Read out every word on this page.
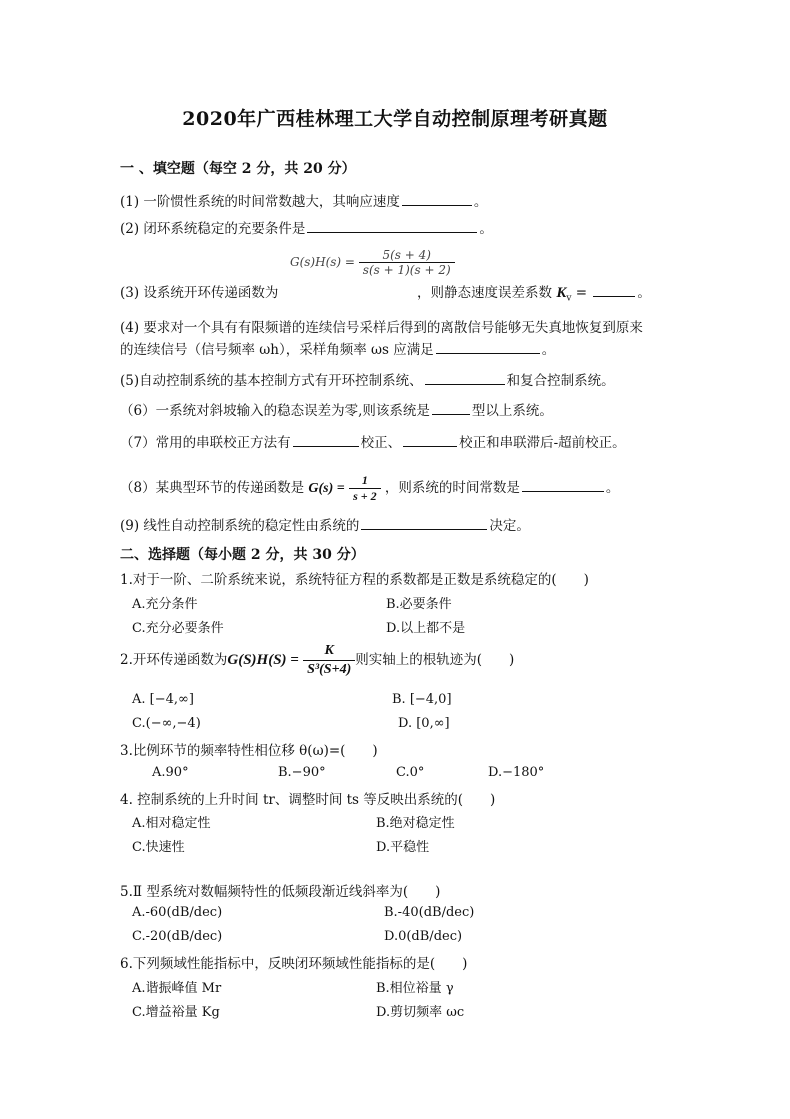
2020年广西桂林理工大学自动控制原理考研真题
一 、填空题（每空 2 分，共 20 分）
(1) 一阶惯性系统的时间常数越大，其响应速度	。
(2) 闭环系统稳定的充要条件是	。
$G(s)H(s) = \frac{5(s + 4)}{s(s + 1)(s + 2)}$
(3) 设系统开环传递函数为	，则静态速度误差系数 $K_v$ =	。
(4) 要求对一个具有有限频谱的连续信号采样后得到的离散信号能够无失真地恢复到原来
的连续信号（信号频率 ωh），采样角频率 ωs 应满足	。
(5)自动控制系统的基本控制方式有开环控制系统、	和复合控制系统。
（6）一系统对斜坡输入的稳态误差为零,则该系统是	型以上系统。
（7）常用的串联校正方法有	校正、	校正和串联滞后-超前校正。
（8）某典型环节的传递函数是 $G(s) = \frac{1}{s + 2}$ ，则系统的时间常数是	。
(9) 线性自动控制系统的稳定性由系统的	决定。
二、选择题（每小题 2 分，共 30 分）
1.对于一阶、二阶系统来说，系统特征方程的系数都是正数是系统稳定的(　　)
A.充分条件	B.必要条件
C.充分必要条件	D.以上都不是
2.开环传递函数为$G(S)H(S) = \frac{K}{\text{S³(S+4)}}$ 则实轴上的根轨迹为(　　)
A. [−4,∞]	B. [−4,0]
C.(−∞,−4)	D. [0,∞]
3.比例环节的频率特性相位移 θ(ω)=(　　)
A.90°	B.−90°	C.0°	D.−180°
4. 控制系统的上升时间 tr、调整时间 ts 等反映出系统的(　　)
A.相对稳定性	B.绝对稳定性
C.快速性	D.平稳性
5.Ⅱ 型系统对数幅频特性的低频段渐近线斜率为(　　)
A.-60(dB/dec)	B.-40(dB/dec)
C.-20(dB/dec)	D.0(dB/dec)
6.下列频域性能指标中，反映闭环频域性能指标的是(　　)
A.谐振峰值 Mr	B.相位裕量 γ
C.增益裕量 Kg	D.剪切频率 ωc
